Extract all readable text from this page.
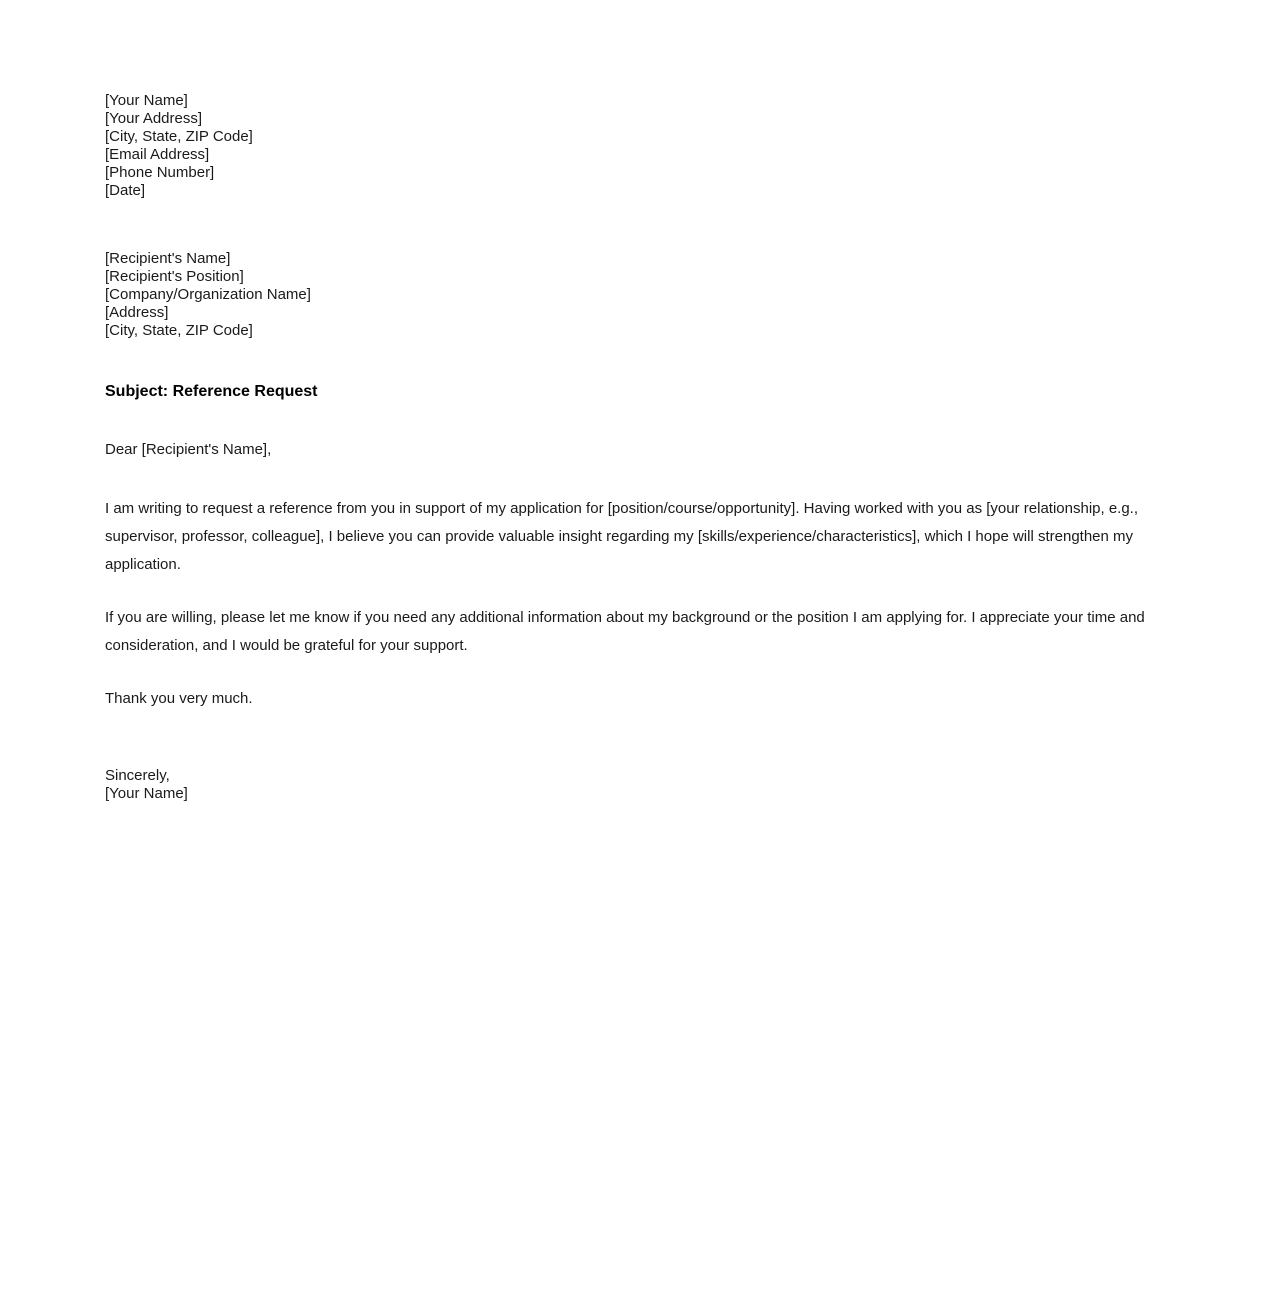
[Your Name]
[Your Address]
[City, State, ZIP Code]
[Email Address]
[Phone Number]
[Date]
[Recipient's Name]
[Recipient's Position]
[Company/Organization Name]
[Address]
[City, State, ZIP Code]
Subject: Reference Request
Dear [Recipient's Name],

I am writing to request a reference from you in support of my application for [position/course/opportunity]. Having worked with you as [your relationship, e.g., supervisor, professor, colleague], I believe you can provide valuable insight regarding my [skills/experience/characteristics], which I hope will strengthen my application.

If you are willing, please let me know if you need any additional information about my background or the position I am applying for. I appreciate your time and consideration, and I would be grateful for your support.

Thank you very much.

Sincerely,
[Your Name]
